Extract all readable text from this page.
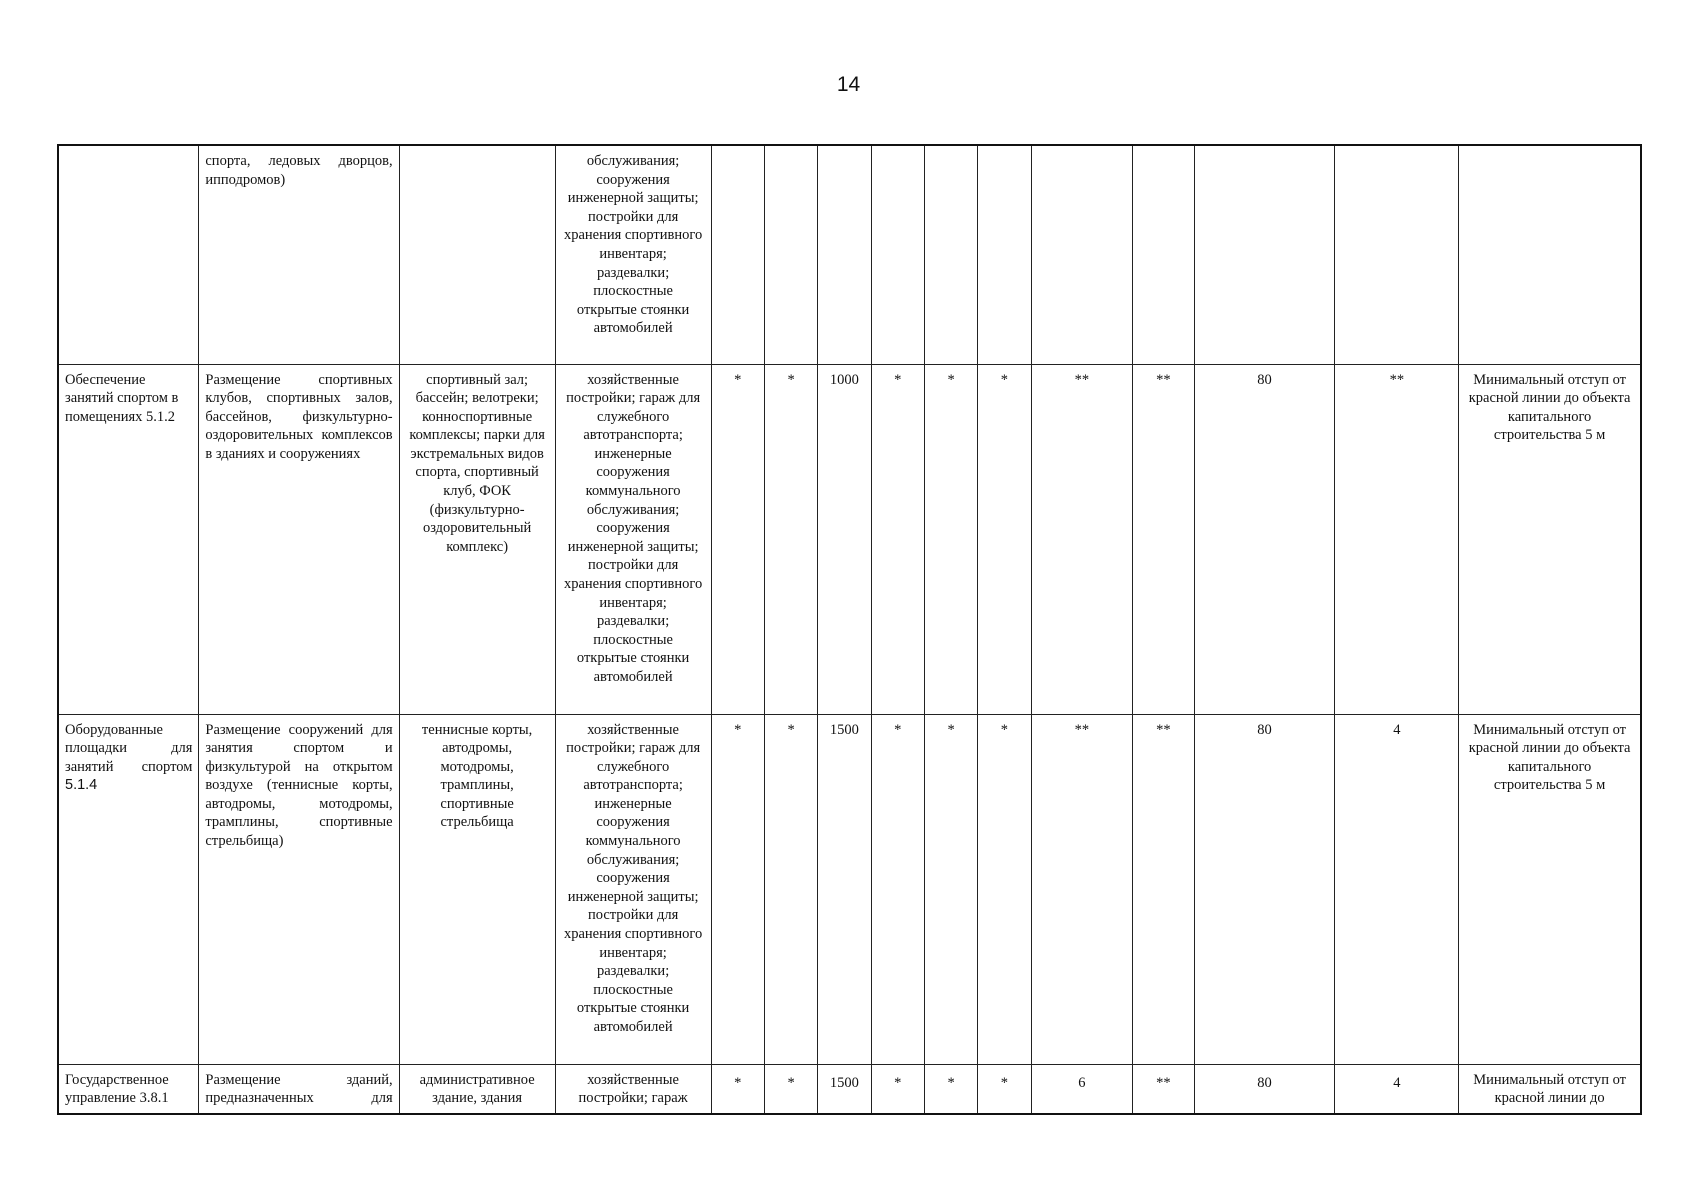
14
	спорта, ледовых дворцов, ипподромов)		обслуживания; сооружения инженерной защиты; постройки для хранения спортивного инвентаря; раздевалки; плоскостные открытые стоянки автомобилей											
Обеспечение занятий спортом в помещениях 5.1.2	Размещение спортивных клубов, спортивных залов, бассейнов, физкультурно-оздоровительных комплексов в зданиях и сооружениях	спортивный зал; бассейн; велотреки; конноспортивные комплексы; парки для экстремальных видов спорта, спортивный клуб, ФОК (физкультурно-оздоровительный комплекс)	хозяйственные постройки; гараж для служебного автотранспорта; инженерные сооружения коммунального обслуживания; сооружения инженерной защиты; постройки для хранения спортивного инвентаря; раздевалки; плоскостные открытые стоянки автомобилей	*	*	1000	*	*	*	**	**	80	**	Минимальный отступ от красной линии до объекта капитального строительства 5 м
Оборудованные площадки для занятий спортом 5.1.4	Размещение сооружений для занятия спортом и физкультурой на открытом воздухе (теннисные корты, автодромы, мотодромы, трамплины, спортивные стрельбища)	теннисные корты, автодромы, мотодромы, трамплины, спортивные стрельбища	хозяйственные постройки; гараж для служебного автотранспорта; инженерные сооружения коммунального обслуживания; сооружения инженерной защиты; постройки для хранения спортивного инвентаря; раздевалки; плоскостные открытые стоянки автомобилей	*	*	1500	*	*	*	**	**	80	4	Минимальный отступ от красной линии до объекта капитального строительства 5 м
Государственное управление 3.8.1	Размещение зданий, предназначенных для	административное здание, здания	хозяйственные постройки; гараж	*	*	1500	*	*	*	6	**	80	4	Минимальный отступ от красной линии до
